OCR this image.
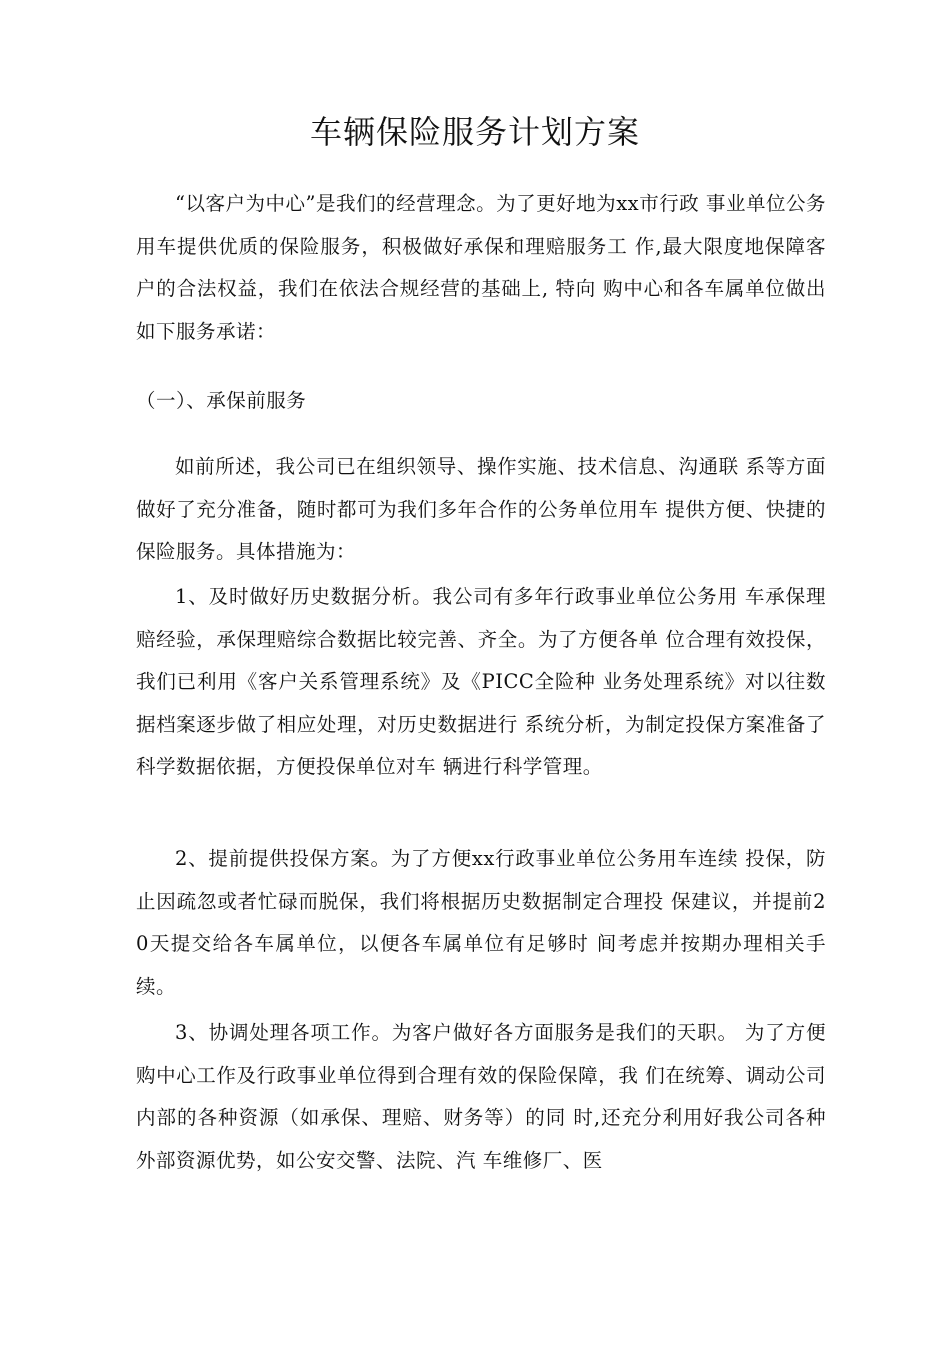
车辆保险服务计划方案

“以客户为中心”是我们的经营理念。为了更好地为xx市行政 事业单位公务用车提供优质的保险服务，积极做好承保和理赔服务工 作,最大限度地保障客户的合法权益，我们在依法合规经营的基础上, 特向 购中心和各车属单位做出如下服务承诺：

（一）、承保前服务

如前所述，我公司已在组织领导、操作实施、技术信息、沟通联 系等方面做好了充分准备，随时都可为我们多年合作的公务单位用车 提供方便、快捷的保险服务。具体措施为：

1、及时做好历史数据分析。我公司有多年行政事业单位公务用 车承保理赔经验，承保理赔综合数据比较完善、齐全。为了方便各单 位合理有效投保，我们已利用《客户关系管理系统》及《PICC全险种 业务处理系统》对以往数据档案逐步做了相应处理，对历史数据进行 系统分析，为制定投保方案准备了科学数据依据，方便投保单位对车 辆进行科学管理。

2、提前提供投保方案。为了方便xx行政事业单位公务用车连续 投保，防止因疏忽或者忙碌而脱保，我们将根据历史数据制定合理投 保建议，并提前20天提交给各车属单位，以便各车属单位有足够时 间考虑并按期办理相关手续。

3、协调处理各项工作。为客户做好各方面服务是我们的天职。 为了方便购中心工作及行政事业单位得到合理有效的保险保障，我 们在统筹、调动公司内部的各种资源（如承保、理赔、财务等）的同 时,还充分利用好我公司各种外部资源优势，如公安交警、法院、汽 车维修厂、医
